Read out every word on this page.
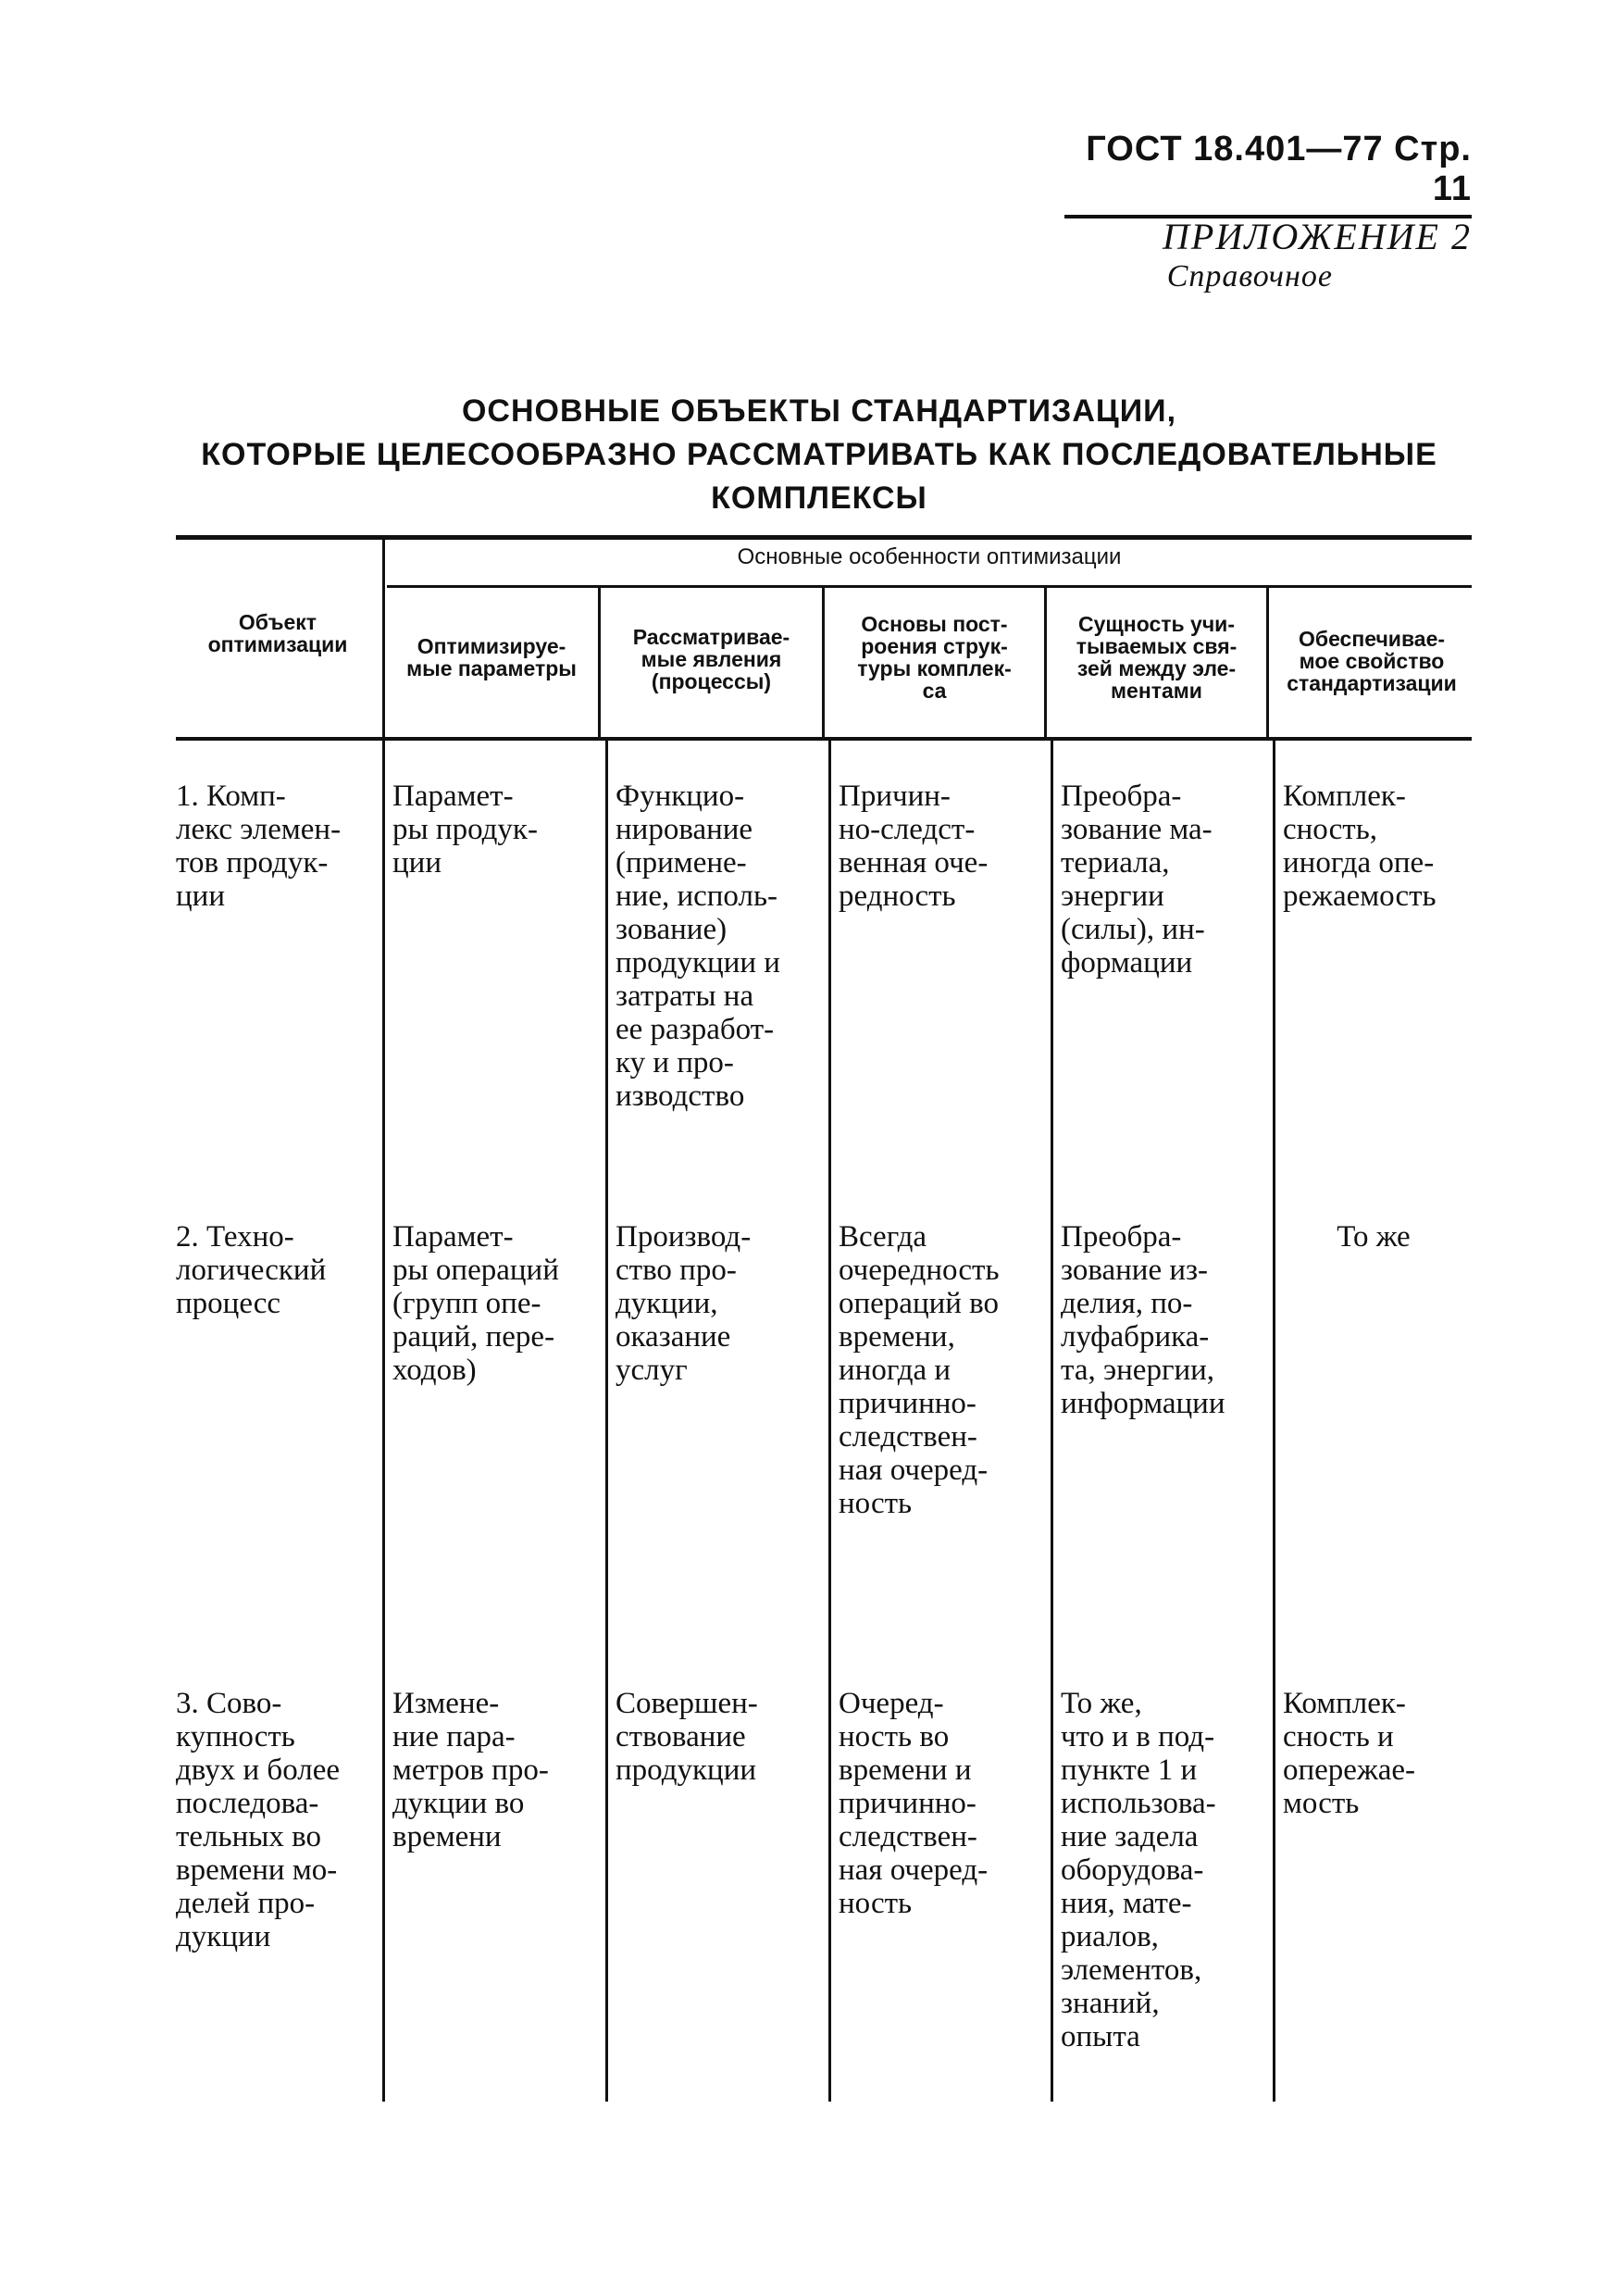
ГОСТ 18.401—77 Стр. 11
ПРИЛОЖЕНИЕ 2
Справочное
ОСНОВНЫЕ ОБЪЕКТЫ СТАНДАРТИЗАЦИИ,
КОТОРЫЕ ЦЕЛЕСООБРАЗНО РАССМАТРИВАТЬ КАК ПОСЛЕДОВАТЕЛЬНЫЕ
КОМПЛЕКСЫ
Основные особенности оптимизации
Объект
оптимизации	Оптимизируе-
мые параметры
Рассматривае-
мые явления
(процессы)
Основы пост-
роения струк-
туры комплек-
са
Сущность учи-
тываемых свя-
зей между эле-
ментами
Обеспечивае-
мое свойство
стандартизации
1. Комп-
лекс элемен-
тов продук-
ции
Парамет-
ры продук-
ции
Функцио-
нирование
(примене-
ние, исполь-
зование)
продукции и
затраты на
ее разработ-
ку и про-
изводство
Причин-
но-следст-
венная оче-
редность
Преобра-
зование ма-
териала,
энергии
(силы), ин-
формации
Комплек-
сность,
иногда опе-
режаемость
2. Техно-
логический
процесс
Парамет-
ры операций
(групп опе-
раций, пере-
ходов)
Производ-
ство про-
дукции,
оказание
услуг
Всегда
очередность
операций во
времени,
иногда и
причинно-
следствен-
ная очеред-
ность
Преобра-
зование из-
делия, по-
луфабрика-
та, энергии,
информации
То же
3. Сово-
купность
двух и более
последова-
тельных во
времени мо-
делей про-
дукции
Измене-
ние пара-
метров про-
дукции во
времени
Совершен-
ствование
продукции
Очеред-
ность во
времени и
причинно-
следствен-
ная очеред-
ность
То же,
что и в под-
пункте 1 и
использова-
ние задела
оборудова-
ния, мате-
риалов,
элементов,
знаний,
опыта
Комплек-
сность и
опережае-
мость
